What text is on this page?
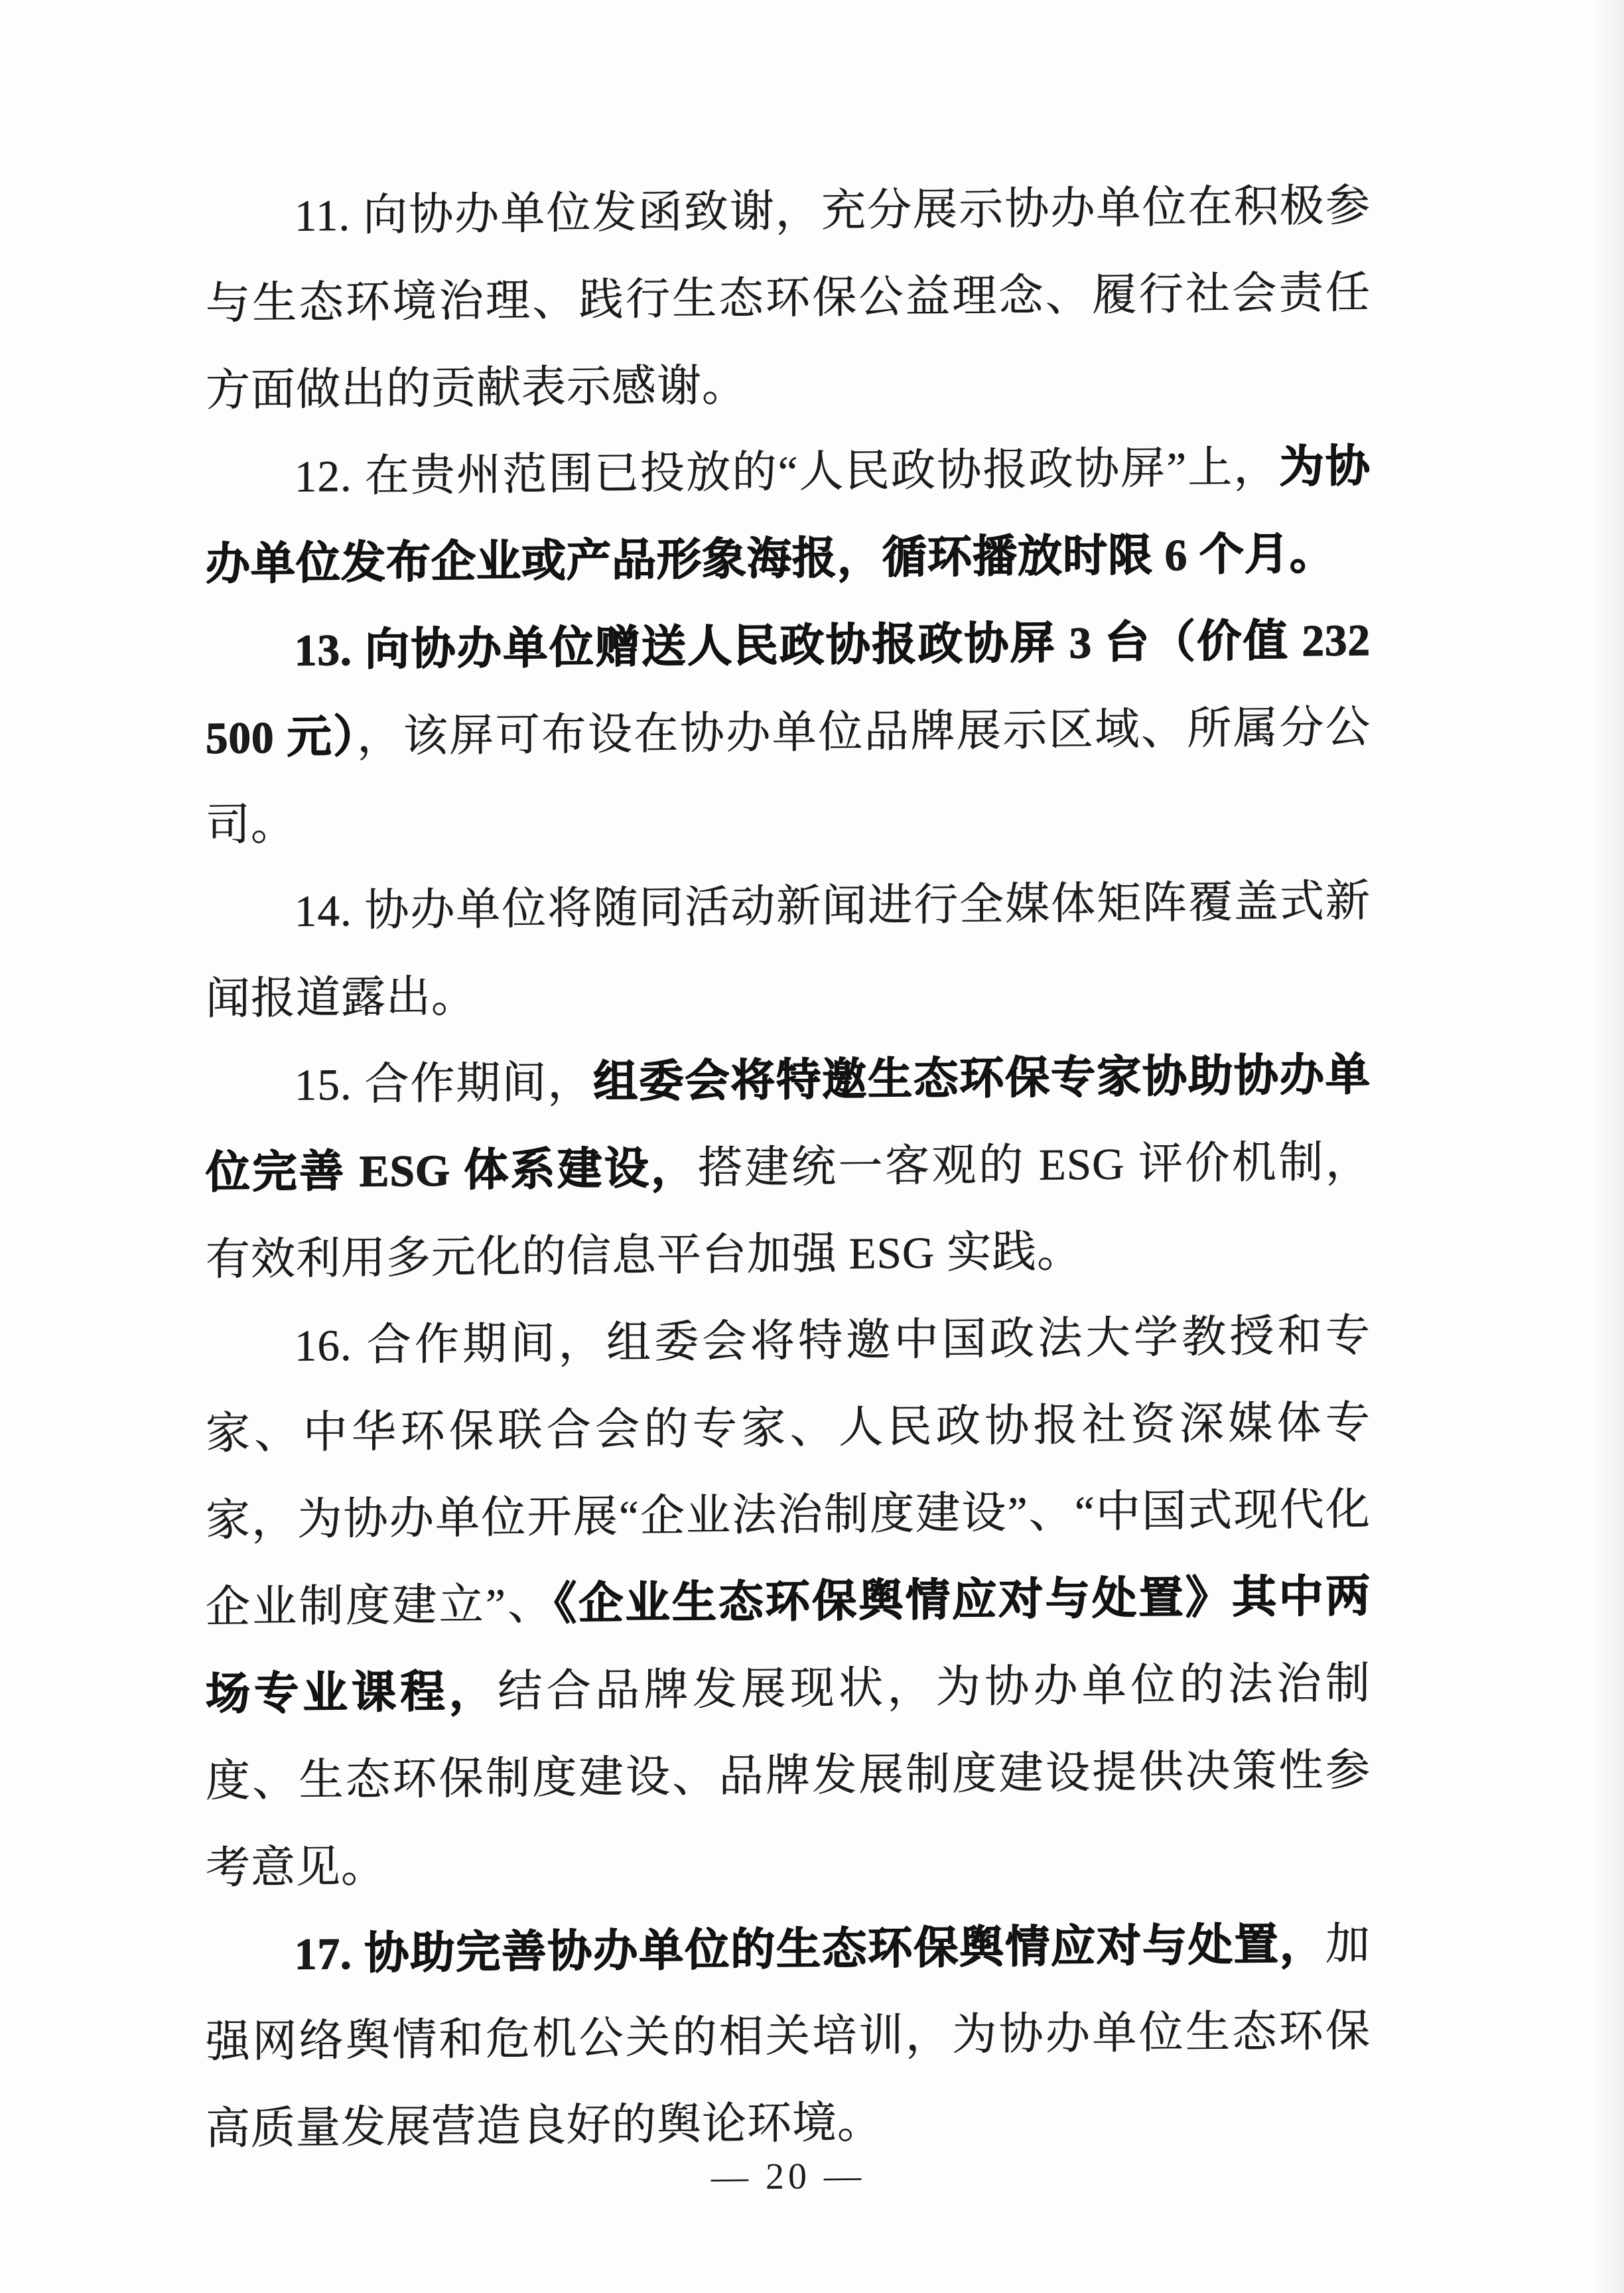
11. 向协办单位发函致谢，充分展示协办单位在积极参与生态环境治理、践行生态环保公益理念、履行社会责任方面做出的贡献表示感谢。

12. 在贵州范围已投放的“人民政协报政协屏”上，为协办单位发布企业或产品形象海报，循环播放时限 6 个月。

13. 向协办单位赠送人民政协报政协屏 3 台（价值 232500 元），该屏可布设在协办单位品牌展示区域、所属分公司。

14. 协办单位将随同活动新闻进行全媒体矩阵覆盖式新闻报道露出。

15. 合作期间，组委会将特邀生态环保专家协助协办单位完善 ESG 体系建设，搭建统一客观的 ESG 评价机制，有效利用多元化的信息平台加强 ESG 实践。

16. 合作期间，组委会将特邀中国政法大学教授和专家、中华环保联合会的专家、人民政协报社资深媒体专家，为协办单位开展“企业法治制度建设”、“中国式现代化企业制度建立”、《企业生态环保舆情应对与处置》其中两场专业课程，结合品牌发展现状，为协办单位的法治制度、生态环保制度建设、品牌发展制度建设提供决策性参考意见。

17. 协助完善协办单位的生态环保舆情应对与处置，加强网络舆情和危机公关的相关培训，为协办单位生态环保高质量发展营造良好的舆论环境。

— 20 —
